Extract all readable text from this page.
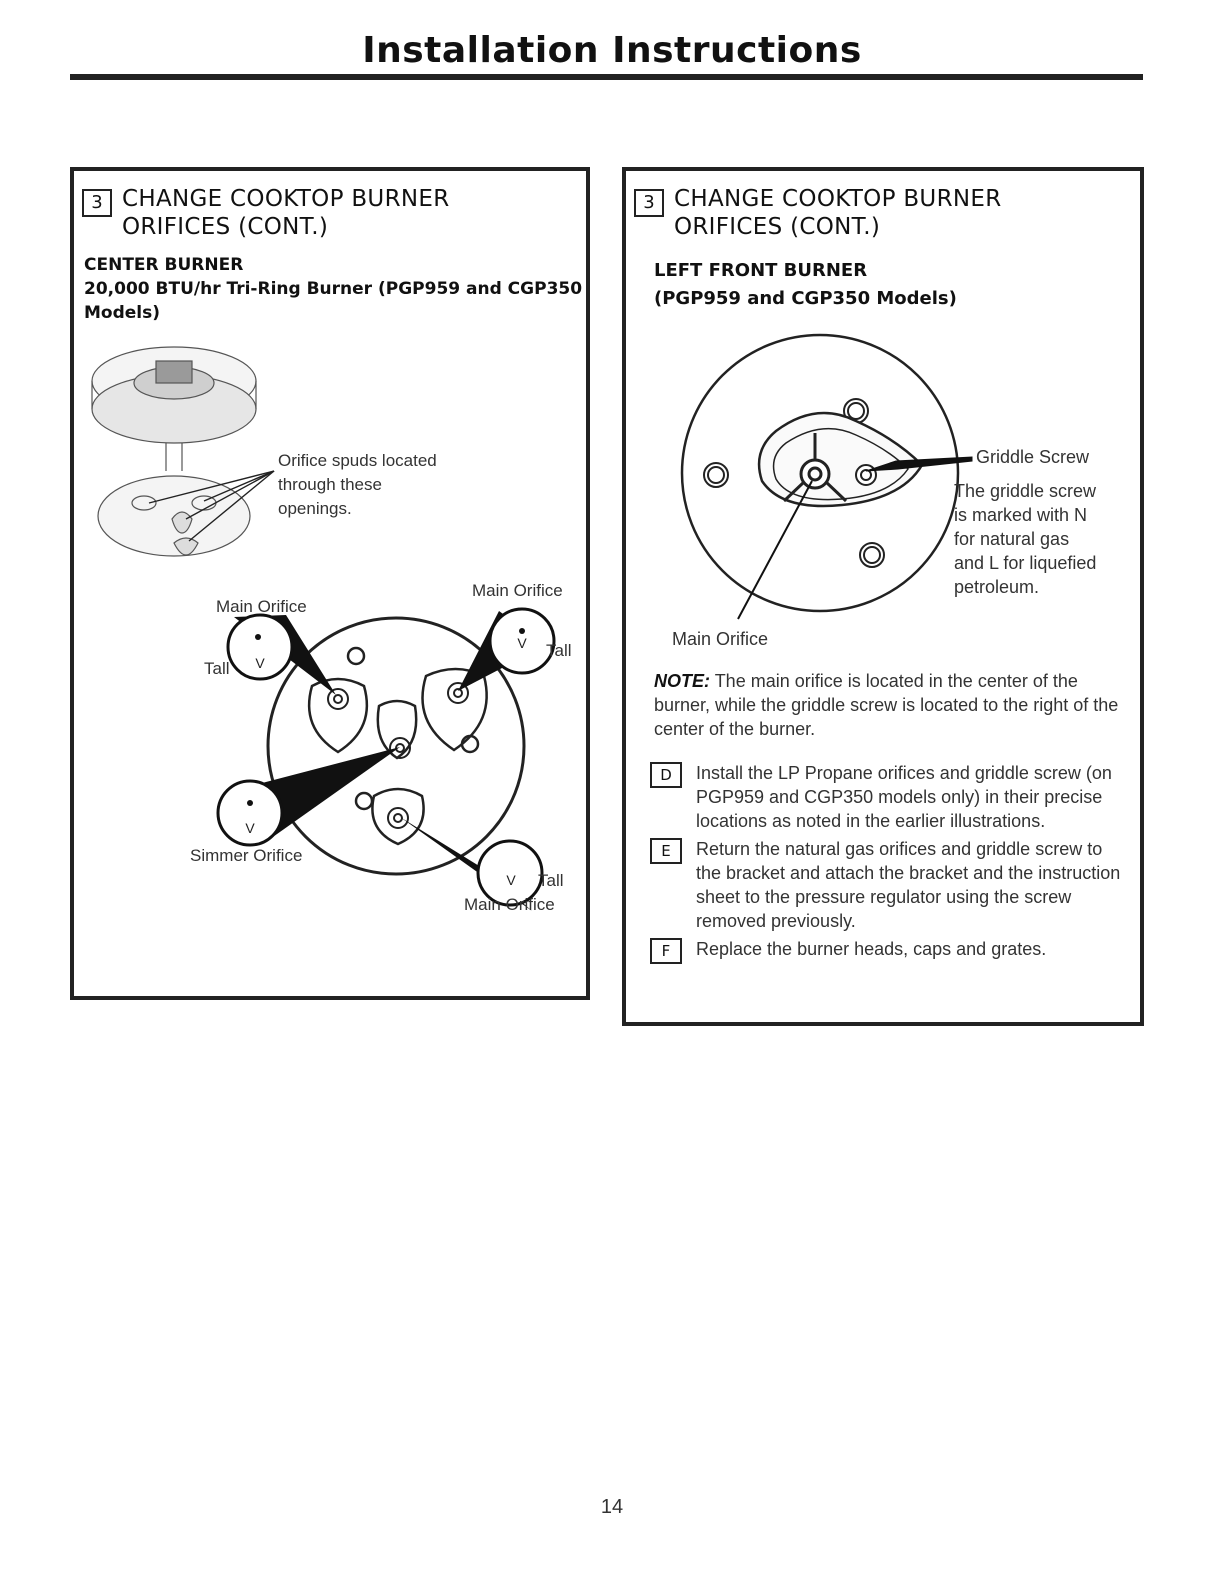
Installation Instructions
3 CHANGE COOKTOP BURNER
ORIFICES (CONT.)
CENTER BURNER
20,000 BTU/hr Tri-Ring Burner (PGP959 and CGP350
Models)
V
V
V
V
Orifice spuds located
through these
openings.
Main Orifice
Main Orifice
Tall
Tall
Simmer Orifice
Tall
Main Orifice
3 CHANGE COOKTOP BURNER
ORIFICES (CONT.)
LEFT FRONT BURNER
(PGP959 and CGP350 Models)
Griddle Screw
The griddle screw
is marked with N
for natural gas
and L for liquefied
petroleum.
Main Orifice
NOTE: The main orifice is located in the center of the burner, while the griddle screw is located to the right of the center of the burner.
D	Install the LP Propane orifices and griddle screw (on PGP959 and CGP350 models only) in their precise locations as noted in the earlier illustrations.
E	Return the natural gas orifices and griddle screw to the bracket and attach the bracket and the instruction sheet to the pressure regulator using the screw removed previously.
F	Replace the burner heads, caps and grates.
14
